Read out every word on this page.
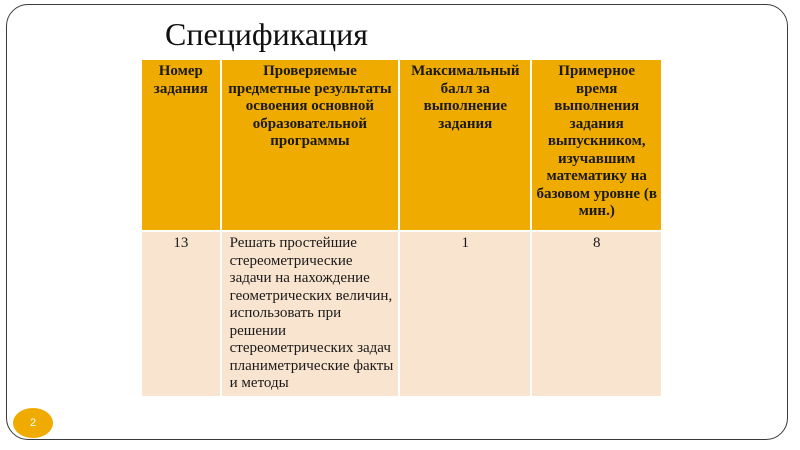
Спецификация
Номер задания	Проверяемые предметные результаты освоения основной образовательной программы	Максимальный балл за выполнение задания	Примерное время выполнения задания выпускником, изучавшим математику на базовом уровне (в мин.)
13	Решать простейшие стереометрические задачи на нахождение геометрических величин, использовать при решении стереометрических задач планиметрические факты и методы	1	8
2
